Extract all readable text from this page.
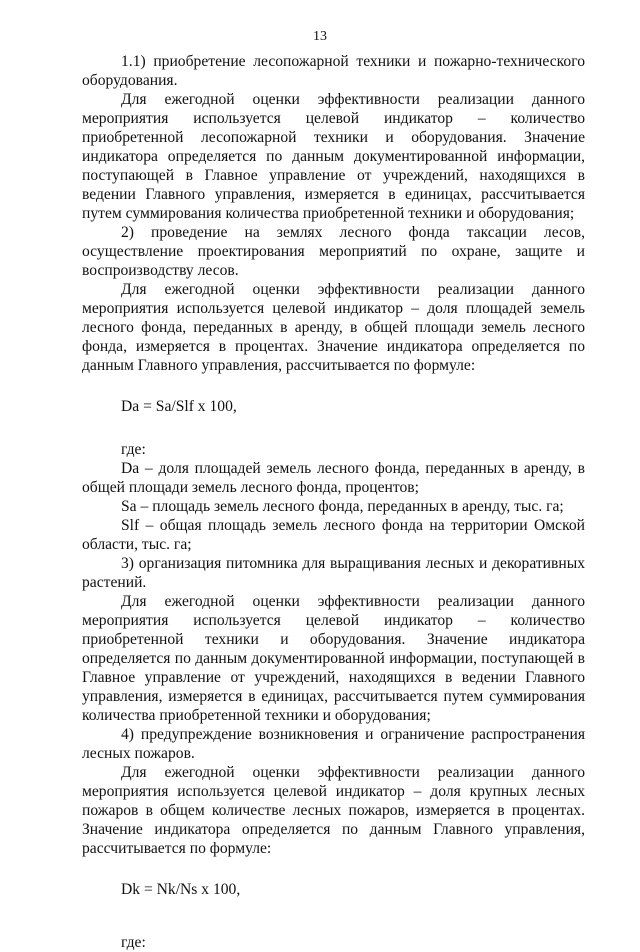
13

1.1) приобретение лесопожарной техники и пожарно-технического оборудования.

Для ежегодной оценки эффективности реализации данного мероприятия используется целевой индикатор – количество приобретенной лесопожарной техники и оборудования. Значение индикатора определяется по данным документированной информации, поступающей в Главное управление от учреждений, находящихся в ведении Главного управления, измеряется в единицах, рассчитывается путем суммирования количества приобретенной техники и оборудования;

2) проведение на землях лесного фонда таксации лесов, осуществление проектирования мероприятий по охране, защите и воспроизводству лесов.

Для ежегодной оценки эффективности реализации данного мероприятия используется целевой индикатор – доля площадей земель лесного фонда, переданных в аренду, в общей площади земель лесного фонда, измеряется в процентах. Значение индикатора определяется по данным Главного управления, рассчитывается по формуле:

Da = Sa/Slf x 100,
где:

Da – доля площадей земель лесного фонда, переданных в аренду, в общей площади земель лесного фонда, процентов;

Sa – площадь земель лесного фонда, переданных в аренду, тыс. га;

Slf – общая площадь земель лесного фонда на территории Омской области, тыс. га;

3) организация питомника для выращивания лесных и декоративных растений.

Для ежегодной оценки эффективности реализации данного мероприятия используется целевой индикатор – количество приобретенной техники и оборудования. Значение индикатора определяется по данным документированной информации, поступающей в Главное управление от учреждений, находящихся в ведении Главного управления, измеряется в единицах, рассчитывается путем суммирования количества приобретенной техники и оборудования;

4) предупреждение возникновения и ограничение распространения лесных пожаров.

Для ежегодной оценки эффективности реализации данного мероприятия используется целевой индикатор – доля крупных лесных пожаров в общем количестве лесных пожаров, измеряется в процентах. Значение индикатора определяется по данным Главного управления, рассчитывается по формуле:

Dk = Nk/Ns x 100,
где:
